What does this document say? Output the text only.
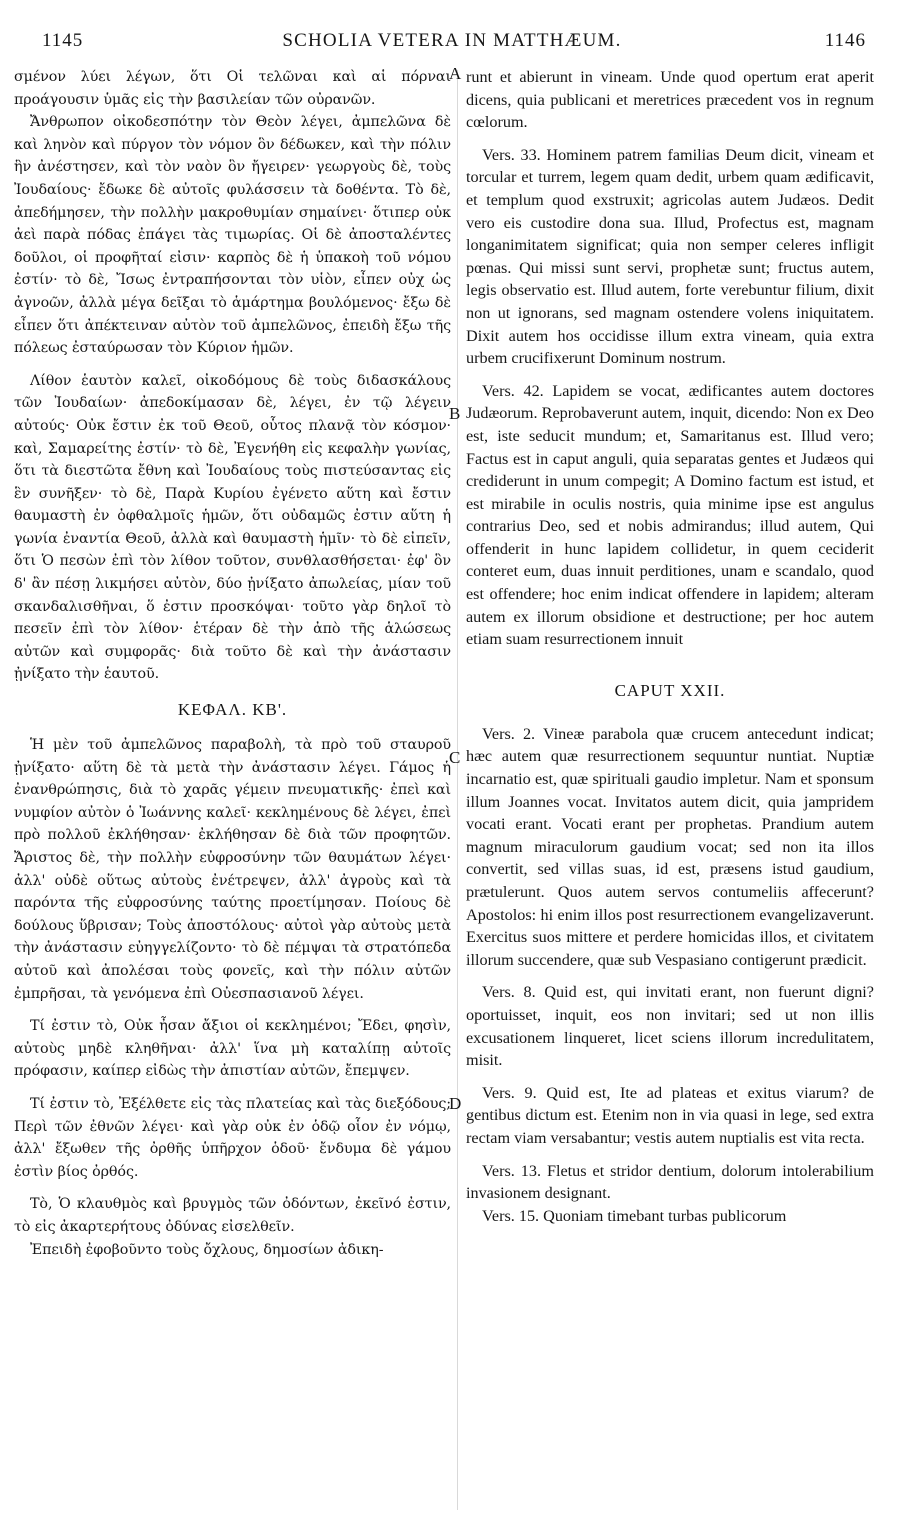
1145	SCHOLIA VETERA IN MATTHÆUM.	1146
A
B
C
D

σμένον λύει λέγων, ὅτι Οἱ τελῶναι καὶ αἱ πόρναι προάγουσιν ὑμᾶς εἰς τὴν βασιλείαν τῶν οὐρανῶν.

Ἄνθρωπον οἰκοδεσπότην τὸν Θεὸν λέγει, ἀμπελῶνα δὲ καὶ ληνὸν καὶ πύργον τὸν νόμον ὃν δέδωκεν, καὶ τὴν πόλιν ἣν ἀνέστησεν, καὶ τὸν ναὸν ὃν ἤγειρεν· γεωργοὺς δὲ, τοὺς Ἰουδαίους· ἔδωκε δὲ αὐτοῖς φυλάσσειν τὰ δοθέντα. Τὸ δὲ, ἀπεδήμησεν, τὴν πολλὴν μακροθυμίαν σημαίνει· ὅτιπερ οὐκ ἀεὶ παρὰ πόδας ἐπάγει τὰς τιμωρίας. Οἱ δὲ ἀποσταλέντες δοῦλοι, οἱ προφῆταί εἰσιν· καρπὸς δὲ ἡ ὑπακοὴ τοῦ νόμου ἐστίν· τὸ δὲ, Ἴσως ἐντραπήσονται τὸν υἱὸν, εἶπεν οὐχ ὡς ἀγνοῶν, ἀλλὰ μέγα δεῖξαι τὸ ἁμάρτημα βουλόμενος· ἔξω δὲ εἶπεν ὅτι ἀπέκτειναν αὐτὸν τοῦ ἀμπελῶνος, ἐπειδὴ ἔξω τῆς πόλεως ἐσταύρωσαν τὸν Κύριον ἡμῶν.

Λίθον ἑαυτὸν καλεῖ, οἰκοδόμους δὲ τοὺς διδασκάλους τῶν Ἰουδαίων· ἀπεδοκίμασαν δὲ, λέγει, ἐν τῷ λέγειν αὐτούς· Οὐκ ἔστιν ἐκ τοῦ Θεοῦ, οὗτος πλανᾷ τὸν κόσμον· καὶ, Σαμαρείτης ἐστίν· τὸ δὲ, Ἐγενήθη εἰς κεφαλὴν γωνίας, ὅτι τὰ διεστῶτα ἔθνη καὶ Ἰουδαίους τοὺς πιστεύσαντας εἰς ἓν συνῆξεν· τὸ δὲ, Παρὰ Κυρίου ἐγένετο αὕτη καὶ ἔστιν θαυμαστὴ ἐν ὀφθαλμοῖς ἡμῶν, ὅτι οὐδαμῶς ἐστιν αὕτη ἡ γωνία ἐναντία Θεοῦ, ἀλλὰ καὶ θαυμαστὴ ἡμῖν· τὸ δὲ εἰπεῖν, ὅτι Ὁ πεσὼν ἐπὶ τὸν λίθον τοῦτον, συνθλασθήσεται· ἐφ' ὃν δ' ἂν πέσῃ λικμήσει αὐτὸν, δύο ᾐνίξατο ἀπωλείας, μίαν τοῦ σκανδαλισθῆναι, ὅ ἐστιν προσκόψαι· τοῦτο γὰρ δηλοῖ τὸ πεσεῖν ἐπὶ τὸν λίθον· ἑτέραν δὲ τὴν ἀπὸ τῆς ἁλώσεως αὐτῶν καὶ συμφορᾶς· διὰ τοῦτο δὲ καὶ τὴν ἀνάστασιν ᾐνίξατο τὴν ἑαυτοῦ.

ΚΕΦΑΛ. ΚΒ'.

Ἡ μὲν τοῦ ἀμπελῶνος παραβολὴ, τὰ πρὸ τοῦ σταυροῦ ᾐνίξατο· αὕτη δὲ τὰ μετὰ τὴν ἀνάστασιν λέγει. Γάμος ἡ ἐνανθρώπησις, διὰ τὸ χαρᾶς γέμειν πνευματικῆς· ἐπεὶ καὶ νυμφίον αὐτὸν ὁ Ἰωάννης καλεῖ· κεκλημένους δὲ λέγει, ἐπεὶ πρὸ πολλοῦ ἐκλήθησαν· ἐκλήθησαν δὲ διὰ τῶν προφητῶν. Ἄριστος δὲ, τὴν πολλὴν εὐφροσύνην τῶν θαυμάτων λέγει· ἀλλ' οὐδὲ οὕτως αὐτοὺς ἐνέτρεψεν, ἀλλ' ἀγροὺς καὶ τὰ παρόντα τῆς εὐφροσύνης ταύτης προετίμησαν. Ποίους δὲ δούλους ὕβρισαν; Τοὺς ἀποστόλους· αὐτοὶ γὰρ αὐτοὺς μετὰ τὴν ἀνάστασιν εὐηγγελίζοντο· τὸ δὲ πέμψαι τὰ στρατόπεδα αὐτοῦ καὶ ἀπολέσαι τοὺς φονεῖς, καὶ τὴν πόλιν αὐτῶν ἐμπρῆσαι, τὰ γενόμενα ἐπὶ Οὐεσπασιανοῦ λέγει.

Τί ἐστιν τὸ, Οὐκ ἦσαν ἄξιοι οἱ κεκλημένοι; Ἔδει, φησὶν, αὐτοὺς μηδὲ κληθῆναι· ἀλλ' ἵνα μὴ καταλίπῃ αὐτοῖς πρόφασιν, καίπερ εἰδὼς τὴν ἀπιστίαν αὐτῶν, ἔπεμψεν.

Τί ἐστιν τὸ, Ἐξέλθετε εἰς τὰς πλατείας καὶ τὰς διεξόδους; Περὶ τῶν ἐθνῶν λέγει· καὶ γὰρ οὐκ ἐν ὁδῷ οἷον ἐν νόμῳ, ἀλλ' ἔξωθεν τῆς ὀρθῆς ὑπῆρχον ὁδοῦ· ἔνδυμα δὲ γάμου ἐστὶν βίος ὀρθός.

Τὸ, Ὁ κλαυθμὸς καὶ βρυγμὸς τῶν ὀδόντων, ἐκεῖνό ἐστιν, τὸ εἰς ἀκαρτερήτους ὀδύνας εἰσελθεῖν.

Ἐπειδὴ ἐφοβοῦντο τοὺς ὄχλους, δημοσίων ἀδικη-

runt et abierunt in vineam. Unde quod opertum erat aperit dicens, quia publicani et meretrices præcedent vos in regnum cœlorum.

Vers. 33. Hominem patrem familias Deum dicit, vineam et torcular et turrem, legem quam dedit, urbem quam ædificavit, et templum quod exstruxit; agricolas autem Judæos. Dedit vero eis custodire dona sua. Illud, Profectus est, magnam longanimitatem significat; quia non semper celeres infligit pœnas. Qui missi sunt servi, prophetæ sunt; fructus autem, legis observatio est. Illud autem, forte verebuntur filium, dixit non ut ignorans, sed magnam ostendere volens iniquitatem. Dixit autem hos occidisse illum extra vineam, quia extra urbem crucifixerunt Dominum nostrum.

Vers. 42. Lapidem se vocat, ædificantes autem doctores Judæorum. Reprobaverunt autem, inquit, dicendo: Non ex Deo est, iste seducit mundum; et, Samaritanus est. Illud vero; Factus est in caput anguli, quia separatas gentes et Judæos qui crediderunt in unum compegit; A Domino factum est istud, et est mirabile in oculis nostris, quia minime ipse est angulus contrarius Deo, sed et nobis admirandus; illud autem, Qui offenderit in hunc lapidem collidetur, in quem ceciderit conteret eum, duas innuit perditiones, unam e scandalo, quod est offendere; hoc enim indicat offendere in lapidem; alteram autem ex illorum obsidione et destructione; per hoc autem etiam suam resurrectionem innuit

CAPUT XXII.

Vers. 2. Vineæ parabola quæ crucem antecedunt indicat; hæc autem quæ resurrectionem sequuntur nuntiat. Nuptiæ incarnatio est, quæ spirituali gaudio impletur. Nam et sponsum illum Joannes vocat. Invitatos autem dicit, quia jampridem vocati erant. Vocati erant per prophetas. Prandium autem magnum miraculorum gaudium vocat; sed non ita illos convertit, sed villas suas, id est, præsens istud gaudium, prætulerunt. Quos autem servos contumeliis affecerunt? Apostolos: hi enim illos post resurrectionem evangelizaverunt. Exercitus suos mittere et perdere homicidas illos, et civitatem illorum succendere, quæ sub Vespasiano contigerunt prædicit.

Vers. 8. Quid est, qui invitati erant, non fuerunt digni? oportuisset, inquit, eos non invitari; sed ut non illis excusationem linqueret, licet sciens illorum incredulitatem, misit.

Vers. 9. Quid est, Ite ad plateas et exitus viarum? de gentibus dictum est. Etenim non in via quasi in lege, sed extra rectam viam versabantur; vestis autem nuptialis est vita recta.

Vers. 13. Fletus et stridor dentium, dolorum intolerabilium invasionem designant.

Vers. 15. Quoniam timebant turbas publicorum
